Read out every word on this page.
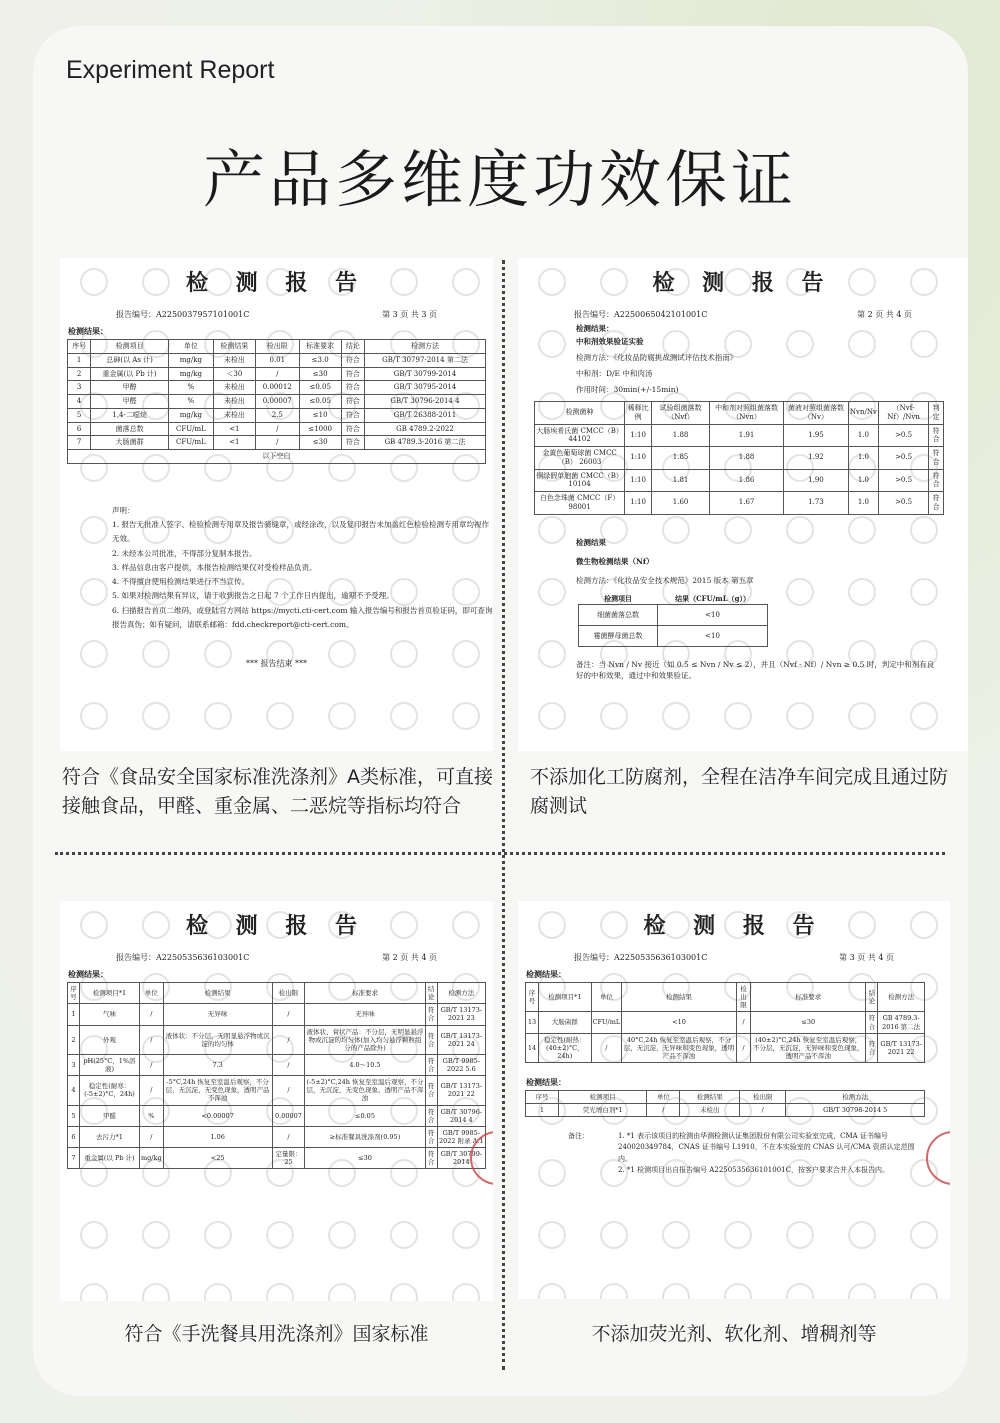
Experiment Report
产品多维度功效保证
检 测 报 告
报告编号：A2250037957101001C	第 3 页 共 3 页
检测结果：
序号	检测项目	单位	检测结果	检出限	标准要求	结论	检测方法
1	总砷(以 As 计)	mg/kg	未检出	0.01	≤3.0	符合	GB/T 30797-2014 第二法
2	重金属(以 Pb 计)	mg/kg	＜30	/	≤30	符合	GB/T 30799-2014
3	甲醇	%	未检出	0.00012	≤0.05	符合	GB/T 30795-2014
4	甲醛	%	未检出	0.00007	≤0.05	符合	GB/T 30796-2014 4
5	1,4-二噁烷	mg/kg	未检出	2.5	≤10	符合	GB/T 26388-2011
6	菌落总数	CFU/mL	<1	/	≤1000	符合	GB 4789.2-2022
7	大肠菌群	CFU/mL	<1	/	≤30	符合	GB 4789.3-2016 第二法
以下空白							
声明：
1. 报告无批准人签字、检验检测专用章及报告骑缝章，或经涂改，以及复印报告未加盖红色检验检测专用章均视作无效。
2. 未经本公司批准，不得部分复制本报告。
3. 样品信息由客户提供，本报告检测结果仅对受检样品负责。
4. 不得擅自使用检测结果进行不当宣传。
5. 如果对检测结果有异议，请于收到报告之日起 7 个工作日内提出，逾期不予受理。
6. 扫描报告首页二维码，或登陆官方网站 https://mycti.cti-cert.com 输入报告编号和报告首页验证码，即可查询报告真伪；如有疑问，请联系邮箱：fdd.checkreport@cti-cert.com。
*** 报告结束 ***
符合《食品安全国家标准洗涤剂》A类标准，可直接接触食品，甲醛、重金属、二恶烷等指标均符合
检 测 报 告
报告编号：A2250065042101001C	第 2 页 共 4 页
检测结果：
中和剂效果验证实验
检测方法：《化妆品防腐挑战测试评估技术指南》
中和剂：D/E 中和肉汤
作用时间：30min(+/-15min)
检测菌种	稀释比例	试验组菌落数（Nvf）	中和剂对照组菌落数（Nvn）	菌液对照组菌落数（Nv）	Nvn/Nv	（Nvf-Nf）/Nvn	判定
大肠埃希氏菌 CMCC（B） 44102	1:10	1.88	1.91	1.95	1.0	>0.5	符合
金黄色葡萄球菌 CMCC（B） 26003	1:10	1.85	1.88	1.92	1.0	>0.5	符合
铜绿假单胞菌 CMCC（B） 10104	1:10	1.81	1.86	1.90	1.0	>0.5	符合
白色念珠菌 CMCC（F） 98001	1:10	1.60	1.67	1.73	1.0	>0.5	符合
检测结果
微生物检测结果（Nf）
检测方法：《化妆品安全技术规范》2015 版本 第五章
检测项目	结果（CFU/mL（g））
细菌菌落总数	<10
霉菌酵母菌总数	<10
备注：当 Nvn / Nv 接近（如 0.5 ≤ Nvn / Nv ≤ 2），并且（Nvf - Nf）/ Nvn ≥ 0.5 时，判定中和剂有良好的中和效果，通过中和效果验证。
不添加化工防腐剂，全程在洁净车间完成且通过防腐测试
检 测 报 告
报告编号：A2250535636103001C	第 2 页 共 4 页
检测结果：
序号	检测项目*1	单位	检测结果	检出限	标准要求	结论	检测方法
1	气味	/	无异味	/	无异味	符合	GB/T 13173-2021 23
2	外观	/	液体状：不分层，无明显悬浮物或沉淀的均匀体	/	液体状、膏状产品：不分层，无明显悬浮物或沉淀的均匀体(加入均匀悬浮颗粒组分的产品除外)	符合	GB/T 13173-2021 24
3	pH(25°C，1%溶液)	/	7.3	/	4.0～10.5	符合	GB/T 9985-2022 5.6
4	稳定性(耐寒：(-5±2)°C，24h)	/	-5°C,24h 恢复至室温后观察，不分层，无沉淀，无变色现象，透明产品不浑浊	/	(-5±2)°C,24h 恢复至室温后观察，不分层，无沉淀，无变色现象，透明产品不浑浊	符合	GB/T 13173-2021 22
5	甲醛	%	<0.00007	0.00007	≤0.05	符合	GB/T 30796-2014 4
6	去污力*1	/	1.06	/	≥标准餐具洗涤剂(0.95)	符合	GB/T 9985-2022 附录 A.1
7	重金属(以 Pb 计)	mg/kg	<25	定量限：25	≤30	符合	GB/T 30799-2014
符合《手洗餐具用洗涤剂》国家标准
检 测 报 告
报告编号：A2250535636103001C	第 3 页 共 4 页
检测结果：
序号	检测项目*1	单位	检测结果	检出限	标准要求	结论	检测方法
13	大肠菌群	CFU/mL	<10	/	≤30	符合	GB 4789.3-2016 第二法
14	稳定性(耐热：(40±2)°C，24h)	/	40°C,24h 恢复至室温后观察，不分层，无沉淀，无异味和变色现象，透明产品不浑浊	/	(40±2)°C,24h 恢复至室温后观察，不分层，无沉淀，无异味和变色现象，透明产品不浑浊	符合	GB/T 13173-2021 22
检测结果：
序号	检测项目	单位	检测结果	检出限	检测方法
1	荧光增白剂*1	/	未检出	/	GB/T 30798-2014 5
备注：	1. *1 表示该项目的检测由华测检测认证集团股份有限公司实验室完成，CMA 证书编号 240020349784，CNAS 证书编号 L1910，不在本实验室的 CNAS 认可/CMA 资质认定范围内。
2. *1 检测项目出自报告编号 A2250535636101001C，按客户要求合并入本报告内。
不添加荧光剂、软化剂、增稠剂等
